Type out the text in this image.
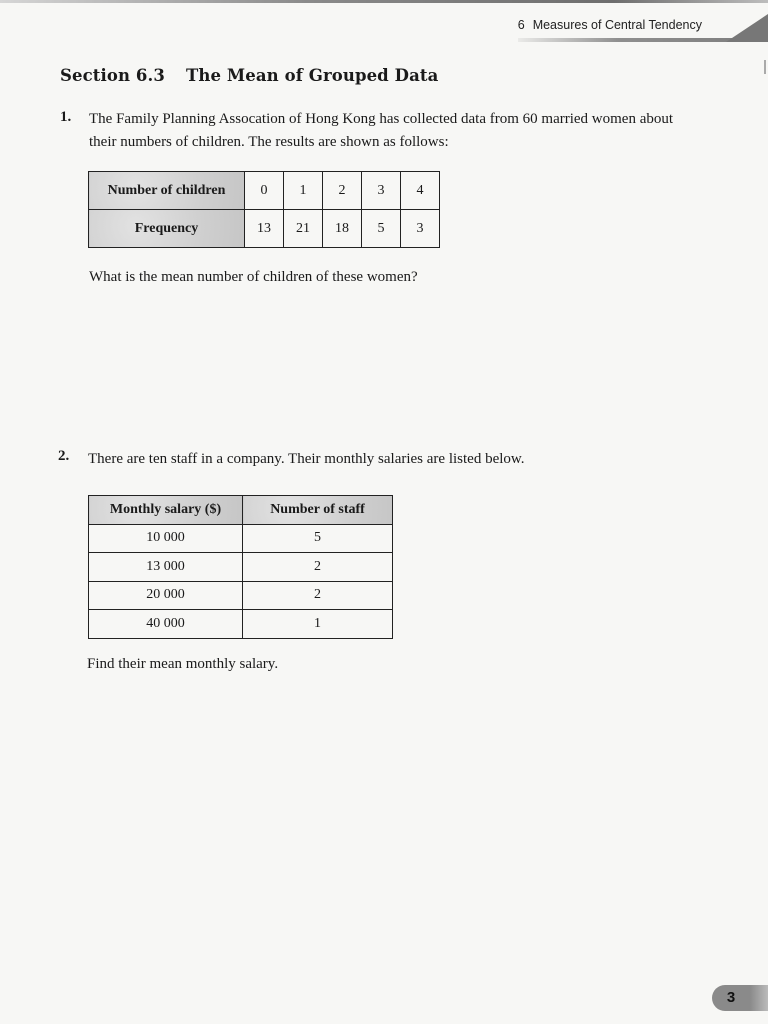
6 Measures of Central Tendency
Section 6.3 The Mean of Grouped Data
1. The Family Planning Assocation of Hong Kong has collected data from 60 married women about
their numbers of children. The results are shown as follows:
Number of children	0	1	2	3	4
Frequency	13	21	18	5	3
What is the mean number of children of these women?
2. There are ten staff in a company. Their monthly salaries are listed below.
Monthly salary ($)	Number of staff
10 000	5
13 000	2
20 000	2
40 000	1
Find their mean monthly salary.
3
